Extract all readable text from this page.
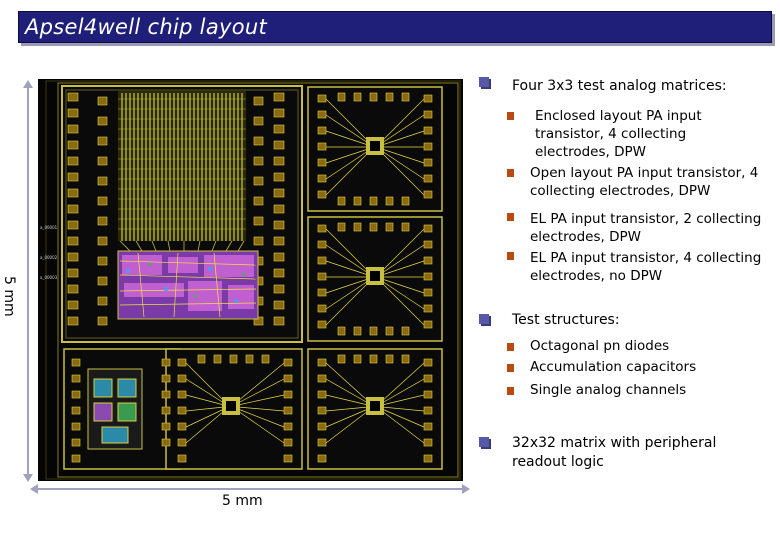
Apsel4well chip layout
a_00001
a_00002
a_00003
5 mm
5 mm
Four 3x3 test analog matrices:
Enclosed layout PA input transistor, 4 collecting electrodes, DPW
Open layout PA input transistor, 4 collecting electrodes, DPW
EL PA input transistor, 2 collecting electrodes, DPW
EL PA input transistor, 4 collecting electrodes, no DPW
Test structures:
Octagonal pn diodes
Accumulation capacitors
Single analog channels
32x32 matrix with peripheral readout logic
